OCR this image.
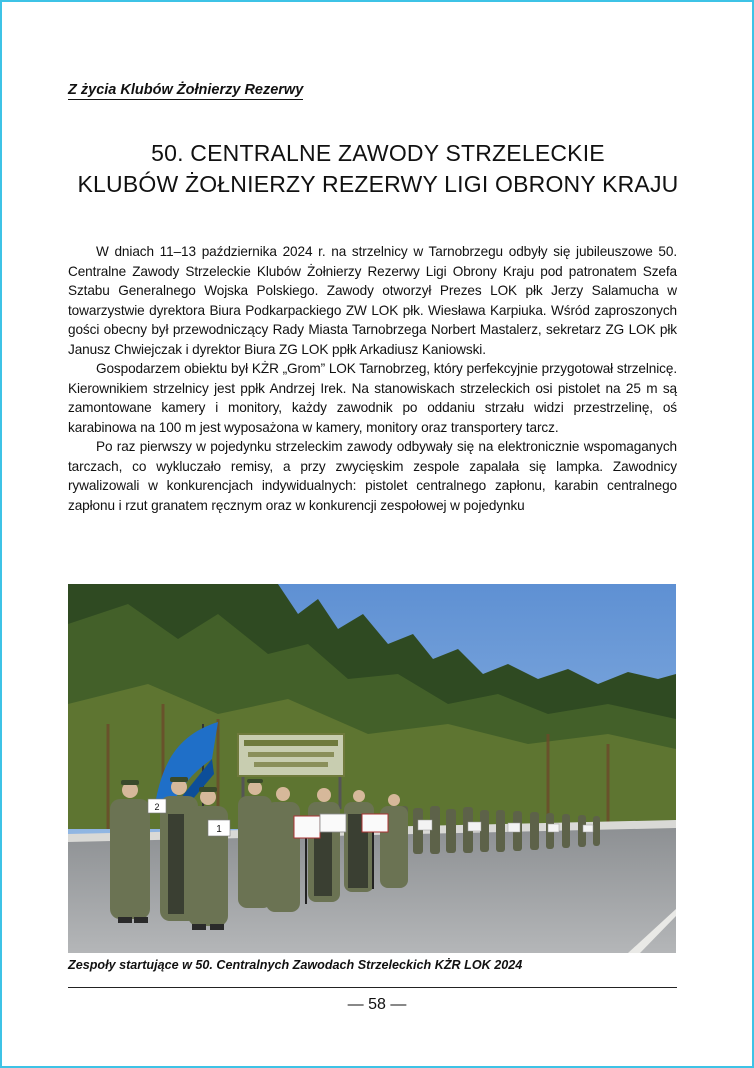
Z życia Klubów Żołnierzy Rezerwy
50. CENTRALNE ZAWODY STRZELECKIE
KLUBÓW ŻOŁNIERZY REZERWY LIGI OBRONY KRAJU

W dniach 11–13 października 2024 r. na strzelnicy w Tarnobrzegu odbyły się jubileuszowe 50. Centralne Zawody Strzeleckie Klubów Żołnierzy Rezerwy Ligi Obrony Kraju pod patronatem Szefa Sztabu Generalnego Wojska Polskiego. Zawody otworzył Prezes LOK płk Jerzy Salamucha w towarzystwie dyrektora Biura Podkarpackiego ZW LOK płk. Wiesława Karpiuka. Wśród zaproszonych gości obecny był przewodniczący Rady Miasta Tarnobrzega Norbert Mastalerz, sekretarz ZG LOK płk Janusz Chwiejczak i dyrektor Biura ZG LOK ppłk Arkadiusz Kaniowski.

Gospodarzem obiektu był KŻR „Grom” LOK Tarnobrzeg, który perfekcyjnie przygotował strzelnicę. Kierownikiem strzelnicy jest ppłk Andrzej Irek. Na stanowiskach strzeleckich osi pistolet na 25 m są zamontowane kamery i monitory, każdy zawodnik po oddaniu strzału widzi przestrzelinę, oś karabinowa na 100 m jest wyposażona w kamery, monitory oraz transportery tarcz.

Po raz pierwszy w pojedynku strzeleckim zawody odbywały się na elektronicznie wspomaganych tarczach, co wykluczało remisy, a przy zwycięskim zespole zapalała się lampka. Zawodnicy rywalizowali w konkurencjach indywidualnych: pistolet centralnego zapłonu, karabin centralnego zapłonu i rzut granatem ręcznym oraz w konkurencji zespołowej w pojedynku

2
1
Zespoły startujące w 50. Centralnych Zawodach Strzeleckich KŻR LOK 2024
— 58 —
